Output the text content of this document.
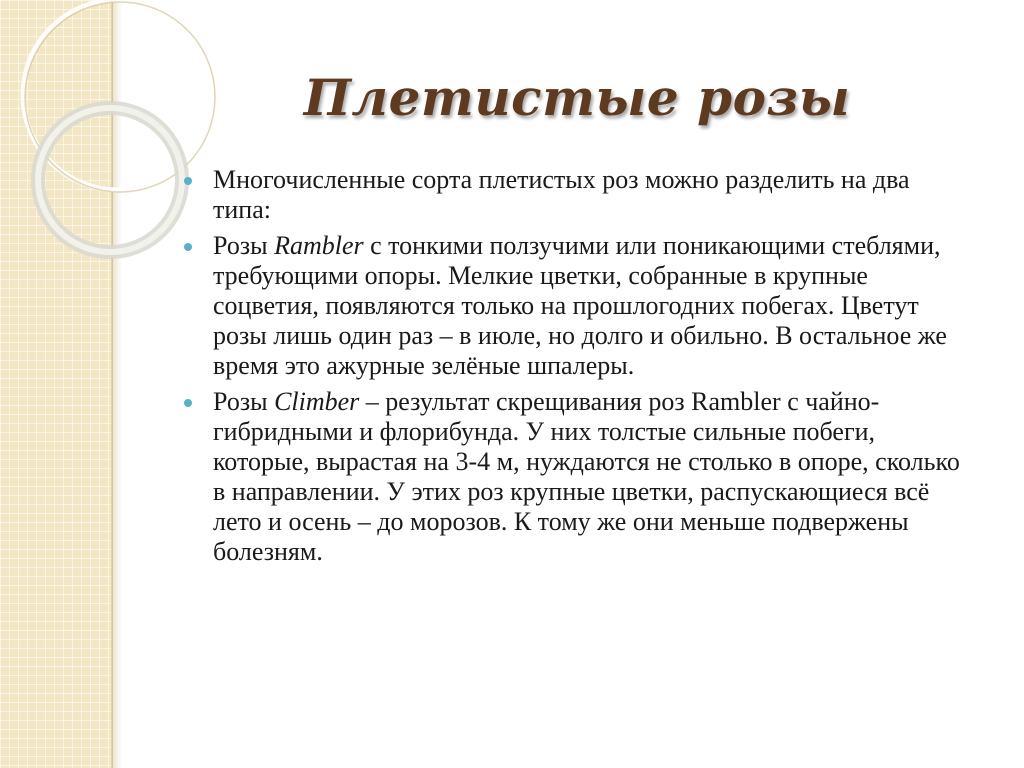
Плетистые розы
Многочисленные сорта плетистых роз можно разделить на два типа:
Розы Rambler с тонкими ползучими или поникающими стеблями, требующими опоры. Мелкие цветки, собранные в крупные соцветия, появляются только на прошлогодних побегах. Цветут розы лишь один раз – в июле, но долго и обильно. В остальное же время это ажурные зелёные шпалеры.
Розы Climber – результат скрещивания роз Rambler с чайно-гибридными и флорибунда. У них толстые сильные побеги, которые, вырастая на 3-4 м, нуждаются не столько в опоре, сколько в направлении. У этих роз крупные цветки, распускающиеся всё лето и осень – до морозов. К тому же они меньше подвержены болезням.
